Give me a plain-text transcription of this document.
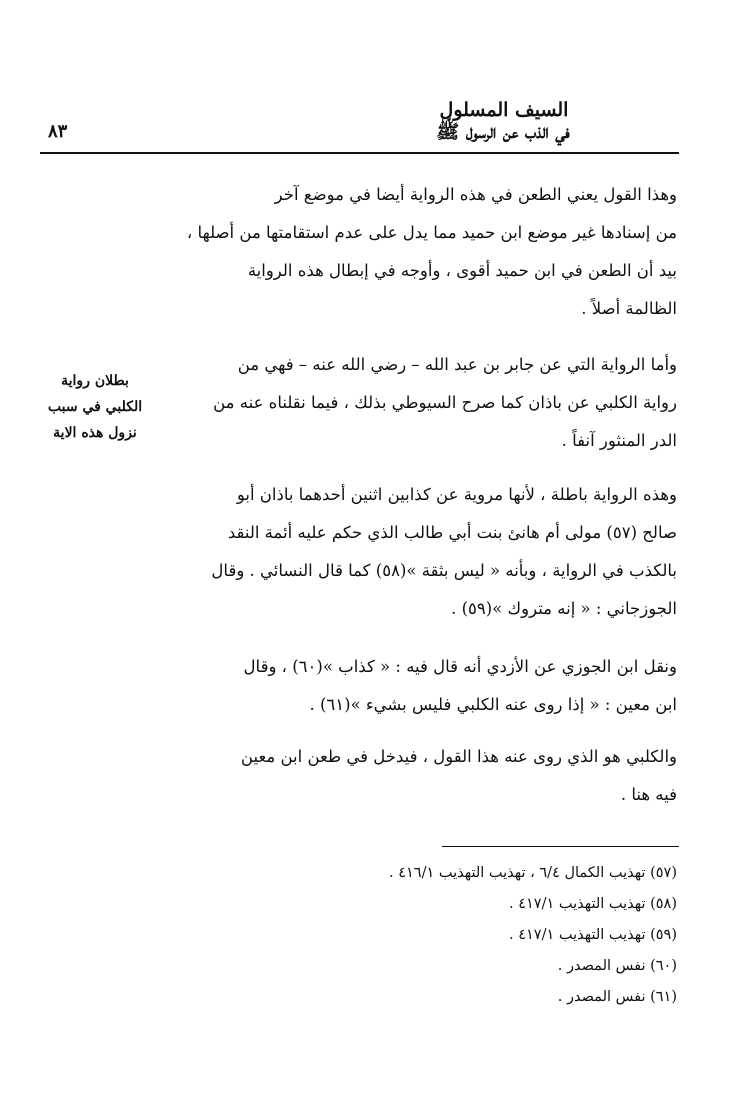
السيف المسلول
في الذب عن الرسول ﷺ
٨٣
بطلان رواية
الكلبي في سبب
نزول هذه الاية
وهذا القول يعني الطعن في هذه الرواية أيضا في موضع آخر
من إسنادها غير موضع ابن حميد مما يدل على عدم استقامتها من أصلها ،
بيد أن الطعن في ابن حميد أقوى ، وأوجه في إبطال هذه الرواية
الظالمة أصلاً .
وأما الرواية التي عن جابر بن عبد الله – رضي الله عنه – فهي من
رواية الكلبي عن باذان كما صرح السيوطي بذلك ، فيما نقلناه عنه من
الدر المنثور آنفاً .
وهذه الرواية باطلة ، لأنها مروية عن كذابين اثنين أحدهما باذان أبو
صالح (٥٧) مولى أم هانئ بنت أبي طالب الذي حكم عليه أئمة النقد
بالكذب في الرواية ، وبأنه « ليس بثقة »(٥٨) كما قال النسائي . وقال
الجوزجاني : « إنه متروك »(٥٩) .
ونقل ابن الجوزي عن الأزدي أنه قال فيه : « كذاب »(٦٠) ، وقال
ابن معين : « إذا روى عنه الكلبي فليس بشيء »(٦١) .
والكلبي هو الذي روى عنه هذا القول ، فيدخل في طعن ابن معين
فيه هنا .
(٥٧) تهذيب الكمال ٦/٤ ، تهذيب التهذيب ٤١٦/١ .
(٥٨) تهذيب التهذيب ٤١٧/١ .
(٥٩) تهذيب التهذيب ٤١٧/١ .
(٦٠) نفس المصدر .
(٦١) نفس المصدر .
